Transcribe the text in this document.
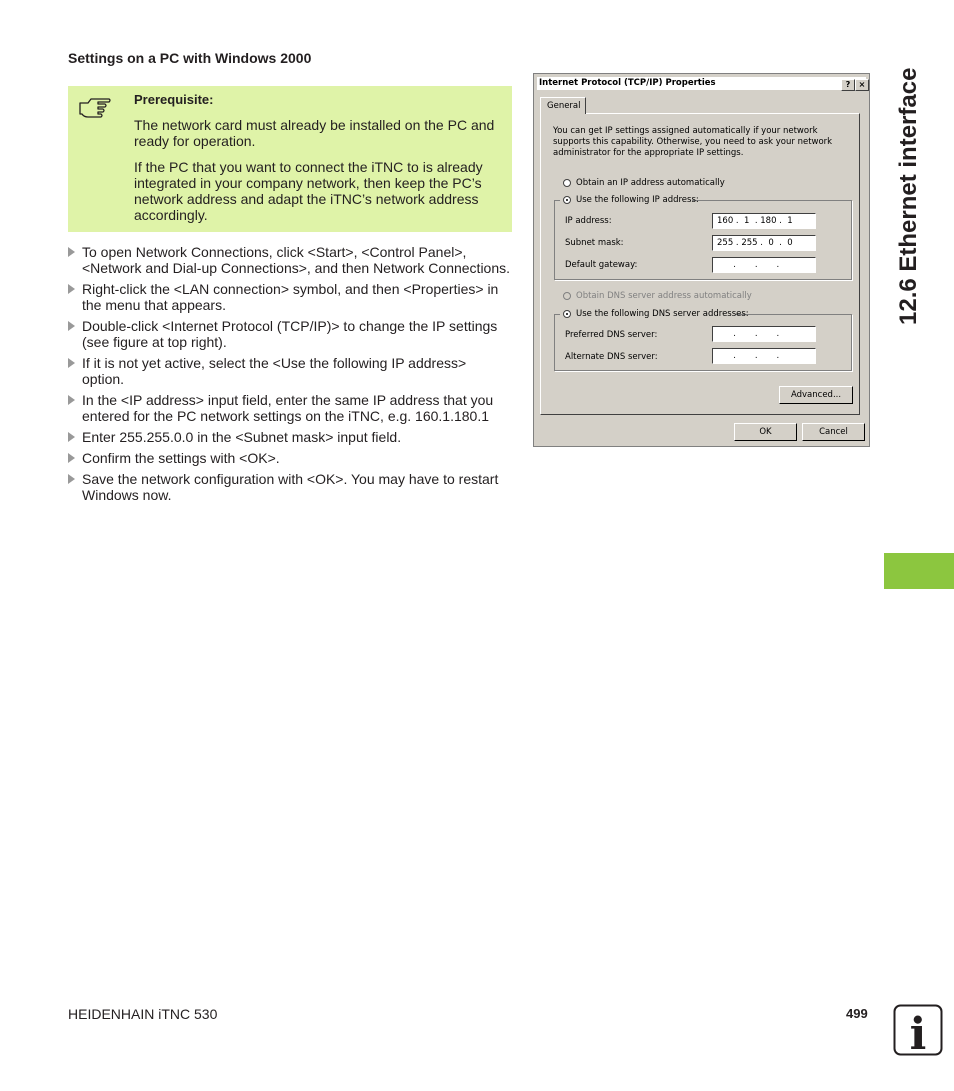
Settings on a PC with Windows 2000
Prerequisite:

The network card must already be installed on the PC and ready for operation.

If the PC that you want to connect the iTNC to is already integrated in your company network, then keep the PC’s network address and adapt the iTNC’s network address accordingly.

To open Network Connections, click <Start>, <Control Panel>, <Network and Dial-up Connections>, and then Network Connections.
Right-click the <LAN connection> symbol, and then <Properties> in the menu that appears.
Double-click <Internet Protocol (TCP/IP)> to change the IP settings (see figure at top right).
If it is not yet active, select the <Use the following IP address> option.
In the <IP address> input field, enter the same IP address that you entered for the PC network settings on the iTNC, e.g. 160.1.180.1
Enter 255.255.0.0 in the <Subnet mask> input field.
Confirm the settings with <OK>.
Save the network configuration with <OK>. You may have to restart Windows now.
Internet Protocol (TCP/IP) Properties	?	×
General
You can get IP settings assigned automatically if your network supports this capability. Otherwise, you need to ask your network administrator for the appropriate IP settings.
Obtain an IP address automatically
Use the following IP address:
IP address:	160 .  1  . 180 .  1
Subnet mask:	255 . 255 .  0  .  0
Default gateway:	.       .       .
Obtain DNS server address automatically
Use the following DNS server addresses:
Preferred DNS server:	.       .       .
Alternate DNS server:	.       .       .
Advanced...
OK	Cancel
12.6 Ethernet interface
HEIDENHAIN iTNC 530	499 i
